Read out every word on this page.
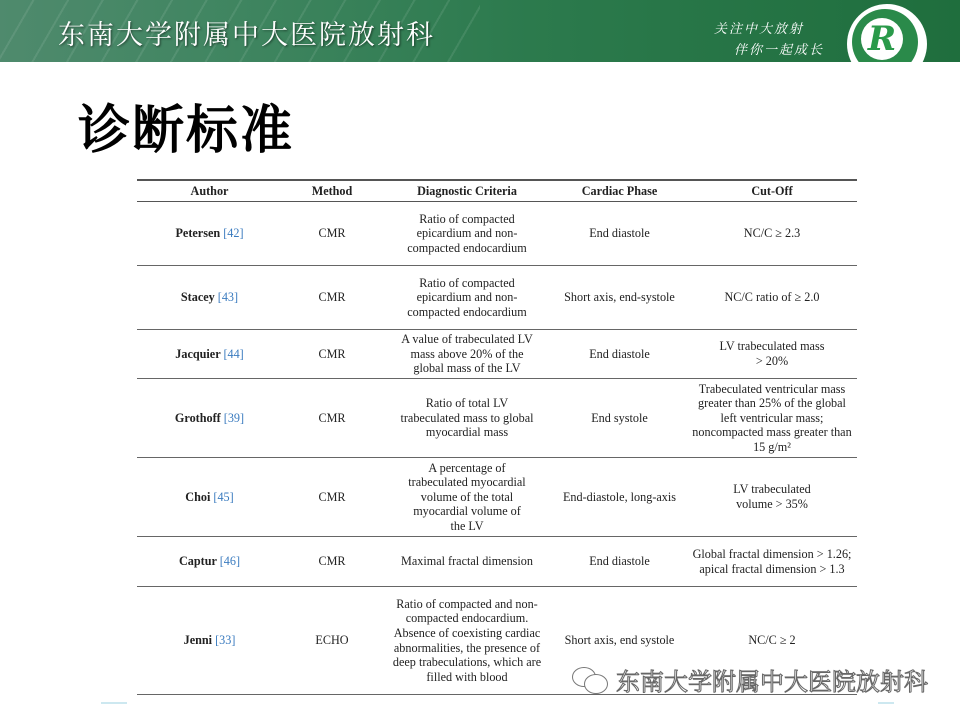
东南大学附属中大医院放射科	关注中大放射
伴你一起成长 R
诊断标准
Author	Method	Diagnostic Criteria	Cardiac Phase	Cut-Off
Petersen [42]	CMR	Ratio of compacted epicardium and non-compacted endocardium	End diastole	NC/C ≥ 2.3
Stacey [43]	CMR	Ratio of compacted epicardium and non-compacted endocardium	Short axis, end-systole	NC/C ratio of ≥ 2.0
Jacquier [44]	CMR	A value of trabeculated LV mass above 20% of the global mass of the LV	End diastole	LV trabeculated mass > 20%
Grothoff [39]	CMR	Ratio of total LV trabeculated mass to global myocardial mass	End systole	Trabeculated ventricular mass greater than 25% of the global left ventricular mass; noncompacted mass greater than 15 g/m²
Choi [45]	CMR	A percentage of trabeculated myocardial volume of the total myocardial volume of the LV	End-diastole, long-axis	LV trabeculated volume > 35%
Captur [46]	CMR	Maximal fractal dimension	End diastole	Global fractal dimension > 1.26; apical fractal dimension > 1.3
Jenni [33]	ECHO	Ratio of compacted and non-compacted endocardium. Absence of coexisting cardiac abnormalities, the presence of deep trabeculations, which are filled with blood	Short axis, end systole	NC/C ≥ 2
东南大学附属中大医院放射科
